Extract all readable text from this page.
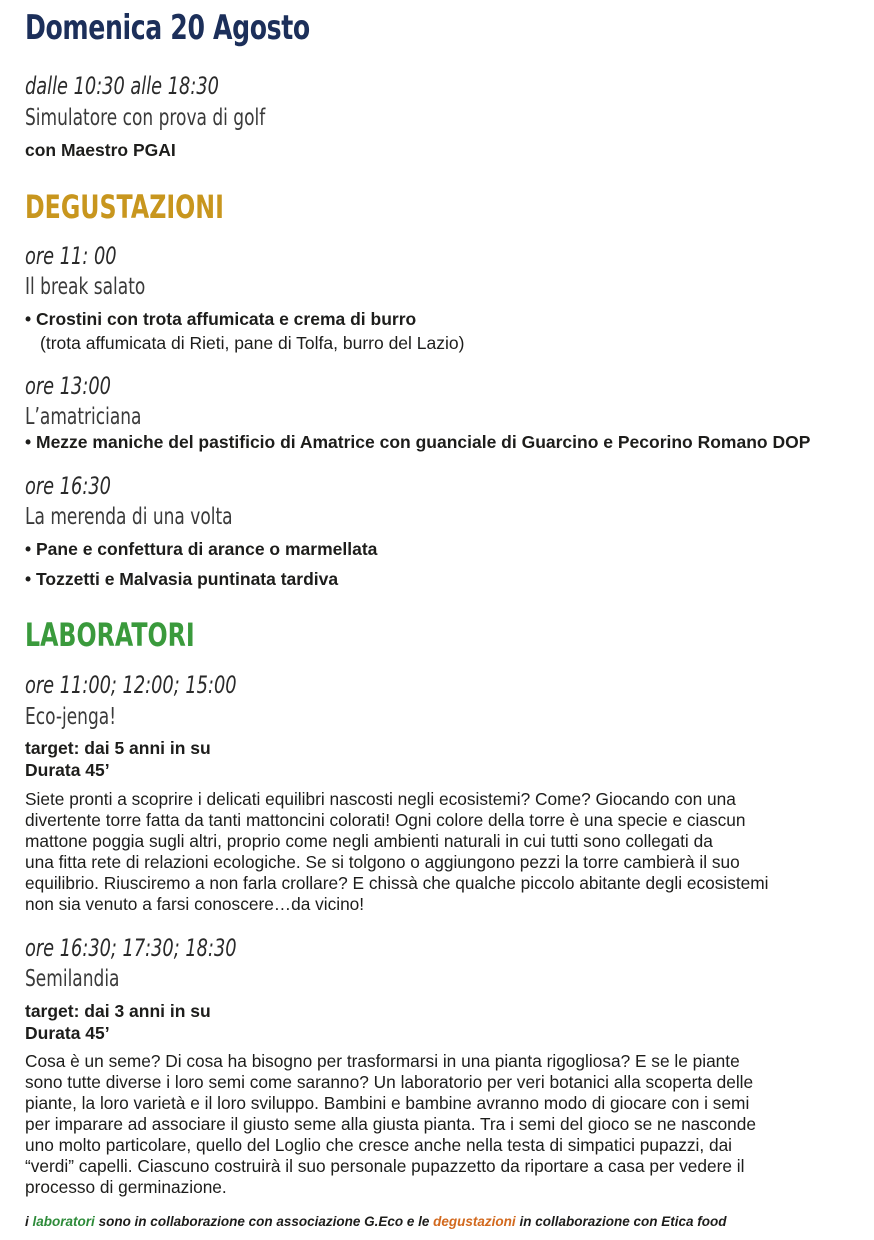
Domenica 20 Agosto
dalle 10:30 alle 18:30
Simulatore con prova di golf
con Maestro PGAI
DEGUSTAZIONI
ore 11: 00
Il break salato
• Crostini con trota affumicata e crema di burro
(trota affumicata di Rieti, pane di Tolfa, burro del Lazio)
ore 13:00
L’amatriciana
• Mezze maniche del pastificio di Amatrice con guanciale di Guarcino e Pecorino Romano DOP
ore 16:30
La merenda di una volta
• Pane e confettura di arance o marmellata
• Tozzetti e Malvasia puntinata tardiva
LABORATORI
ore 11:00; 12:00; 15:00
Eco-jenga!
target: dai 5 anni in su
Durata 45’
Siete pronti a scoprire i delicati equilibri nascosti negli ecosistemi? Come? Giocando con una
divertente torre fatta da tanti mattoncini colorati! Ogni colore della torre è una specie e ciascun
mattone poggia sugli altri, proprio come negli ambienti naturali in cui tutti sono collegati da
una fitta rete di relazioni ecologiche. Se si tolgono o aggiungono pezzi la torre cambierà il suo
equilibrio. Riusciremo a non farla crollare? E chissà che qualche piccolo abitante degli ecosistemi
non sia venuto a farsi conoscere…da vicino!
ore 16:30; 17:30; 18:30
Semilandia
target: dai 3 anni in su
Durata 45’
Cosa è un seme? Di cosa ha bisogno per trasformarsi in una pianta rigogliosa? E se le piante
sono tutte diverse i loro semi come saranno? Un laboratorio per veri botanici alla scoperta delle
piante, la loro varietà e il loro sviluppo. Bambini e bambine avranno modo di giocare con i semi
per imparare ad associare il giusto seme alla giusta pianta. Tra i semi del gioco se ne nasconde
uno molto particolare, quello del Loglio che cresce anche nella testa di simpatici pupazzi, dai
“verdi” capelli. Ciascuno costruirà il suo personale pupazzetto da riportare a casa per vedere il
processo di germinazione.
i laboratori sono in collaborazione con associazione G.Eco e le degustazioni in collaborazione con Etica food
